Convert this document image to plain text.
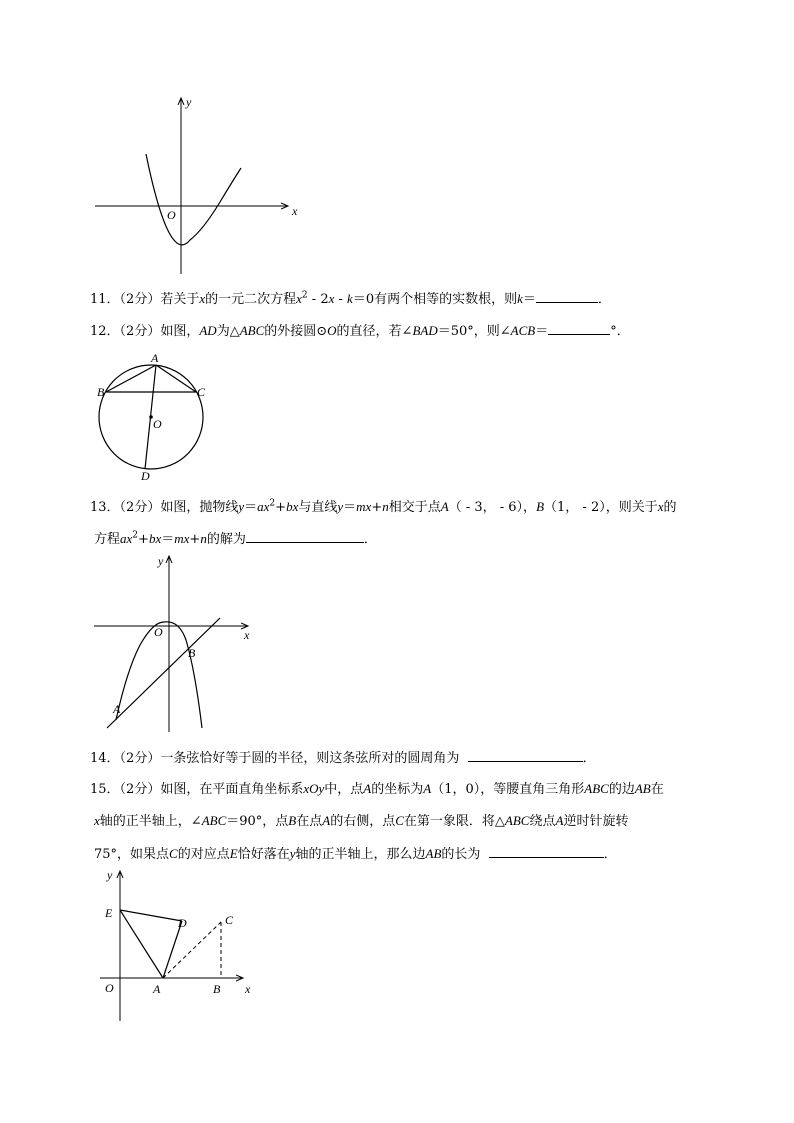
x
y
O
11．（2分）若关于x的一元二次方程$x^2 - 2x - k=0$有两个相等的实数根，则k＝	．
12．（2分）如图，AD为△ABC的外接圆⊙O的直径，若∠BAD＝50°，则∠ACB＝	°．
A
B	C
O
D
13．（2分）如图，抛物线$y=ax^2+bx$与直线y＝mx+n相交于点A（ - 3， - 6），B（1， - 2），则关于x的
方程$ax^2+bx=mx+n$的解为	．
x
y
O
A
B
14．（2分）一条弦恰好等于圆的半径，则这条弦所对的圆周角为	．
15．（2分）如图，在平面直角坐标系xOy中，点A的坐标为A（1，0），等腰直角三角形ABC的边AB在
x轴的正半轴上，∠ABC＝90°，点B在点A的右侧，点C在第一象限．将△ABC绕点A逆时针旋转
75°，如果点C的对应点E恰好落在y轴的正半轴上，那么边AB的长为	．
y
x
E
D	C
O	A	B
